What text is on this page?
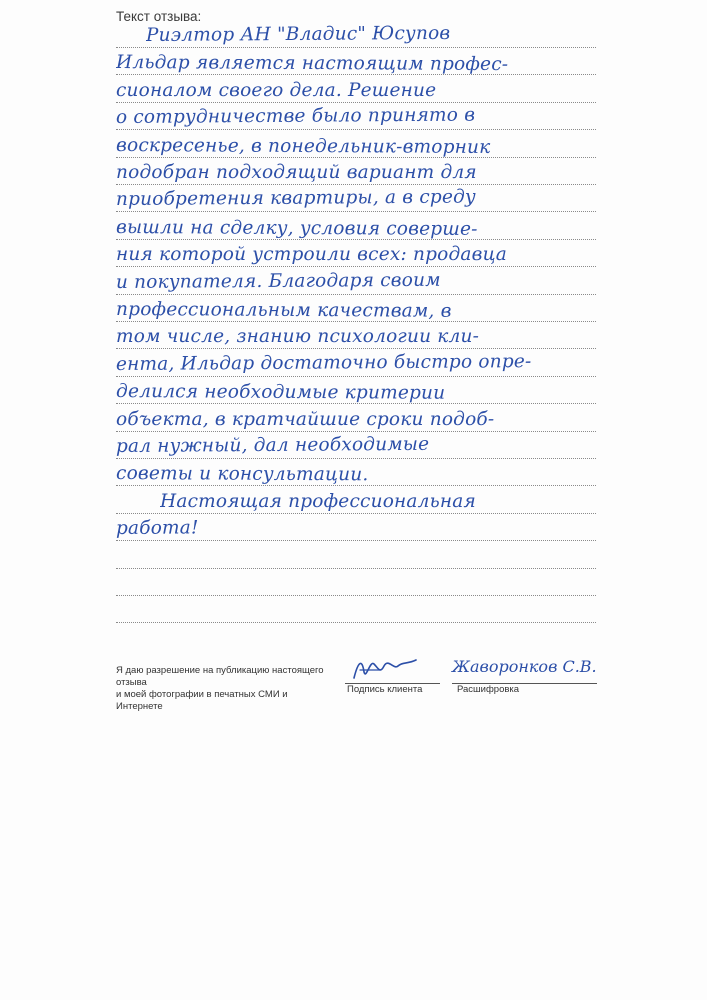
Текст отзыва:
Риэлтор АН "Владис" Юсупов
Ильдар является настоящим профес-
сионалом своего дела. Решение
о сотрудничестве было принято в
воскресенье, в понедельник-вторник
подобран подходящий вариант для
приобретения квартиры, а в среду
вышли на сделку, условия соверше-
ния которой устроили всех: продавца
и покупателя. Благодаря своим
профессиональным качествам, в
том числе, знанию психологии кли-
ента, Ильдар достаточно быстро опре-
делился необходимые критерии
объекта, в кратчайшие сроки подоб-
рал нужный, дал необходимые
советы и консультации.
Настоящая профессиональная
работа!
Я даю разрешение на публикацию настоящего отзыва
и моей фотографии в печатных СМИ и Интернете
Подпись клиента
Жаворонков С.В.
Расшифровка
